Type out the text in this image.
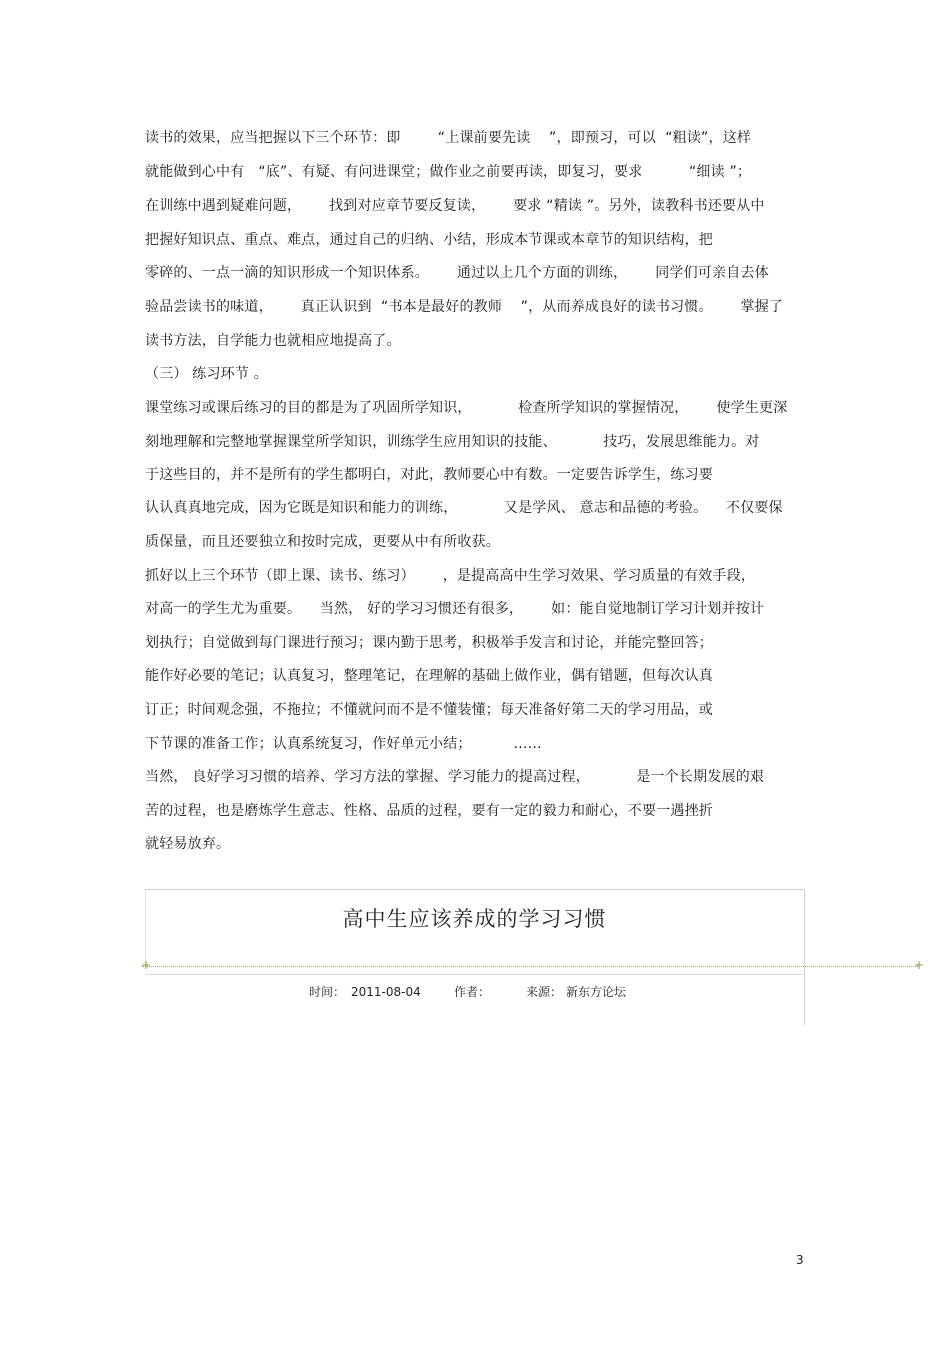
读书的效果，应当把握以下三个环节：即        “上课前要先读    ”，即预习，可以  “粗读”，这样
就能做到心中有   “底”、有疑、有问进课堂；做作业之前要再读，即复习，要求          “细读 ”；
在训练中遇到疑难问题，      找到对应章节要反复读，      要求 “精读 ”。另外，读教科书还要从中
把握好知识点、重点、难点，通过自己的归纳、小结，形成本节课或本章节的知识结构，把
零碎的、一点一滴的知识形成一个知识体系。      通过以上几个方面的训练，      同学们可亲自去体
验品尝读书的味道，      真正认识到  “书本是最好的教师    ”，从而养成良好的读书习惯。      掌握了
读书方法，自学能力也就相应地提高了。
（三） 练习环节 。
课堂练习或课后练习的目的都是为了巩固所学知识，          检查所学知识的掌握情况，      使学生更深
刻地理解和完整地掌握课堂所学知识，训练学生应用知识的技能、          技巧，发展思维能力。对
于这些目的，并不是所有的学生都明白，对此，教师要心中有数。一定要告诉学生，练习要
认认真真地完成，因为它既是知识和能力的训练，          又是学风、 意志和品德的考验。    不仅要保
质保量，而且还要独立和按时完成，更要从中有所收获。
抓好以上三个环节（即上课、读书、练习）      ，是提高高中生学习效果、学习质量的有效手段，
对高一的学生尤为重要。    当然， 好的学习习惯还有很多，      如：能自觉地制订学习计划并按计
划执行；自觉做到每门课进行预习；课内勤于思考，积极举手发言和讨论，并能完整回答；
能作好必要的笔记；认真复习，整理笔记，在理解的基础上做作业，偶有错题，但每次认真
订正；时间观念强，不拖拉；不懂就问而不是不懂装懂；每天准备好第二天的学习用品，或
下节课的准备工作；认真系统复习，作好单元小结；         ……
当然， 良好学习习惯的培养、学习方法的掌握、学习能力的提高过程，          是一个长期发展的艰
苦的过程，也是磨炼学生意志、性格、品质的过程，要有一定的毅力和耐心，不要一遇挫折
就轻易放弃。
高中生应该养成的学习习惯
+	+
时间： 2011-08-04	作者：	来源： 新东方论坛
3
